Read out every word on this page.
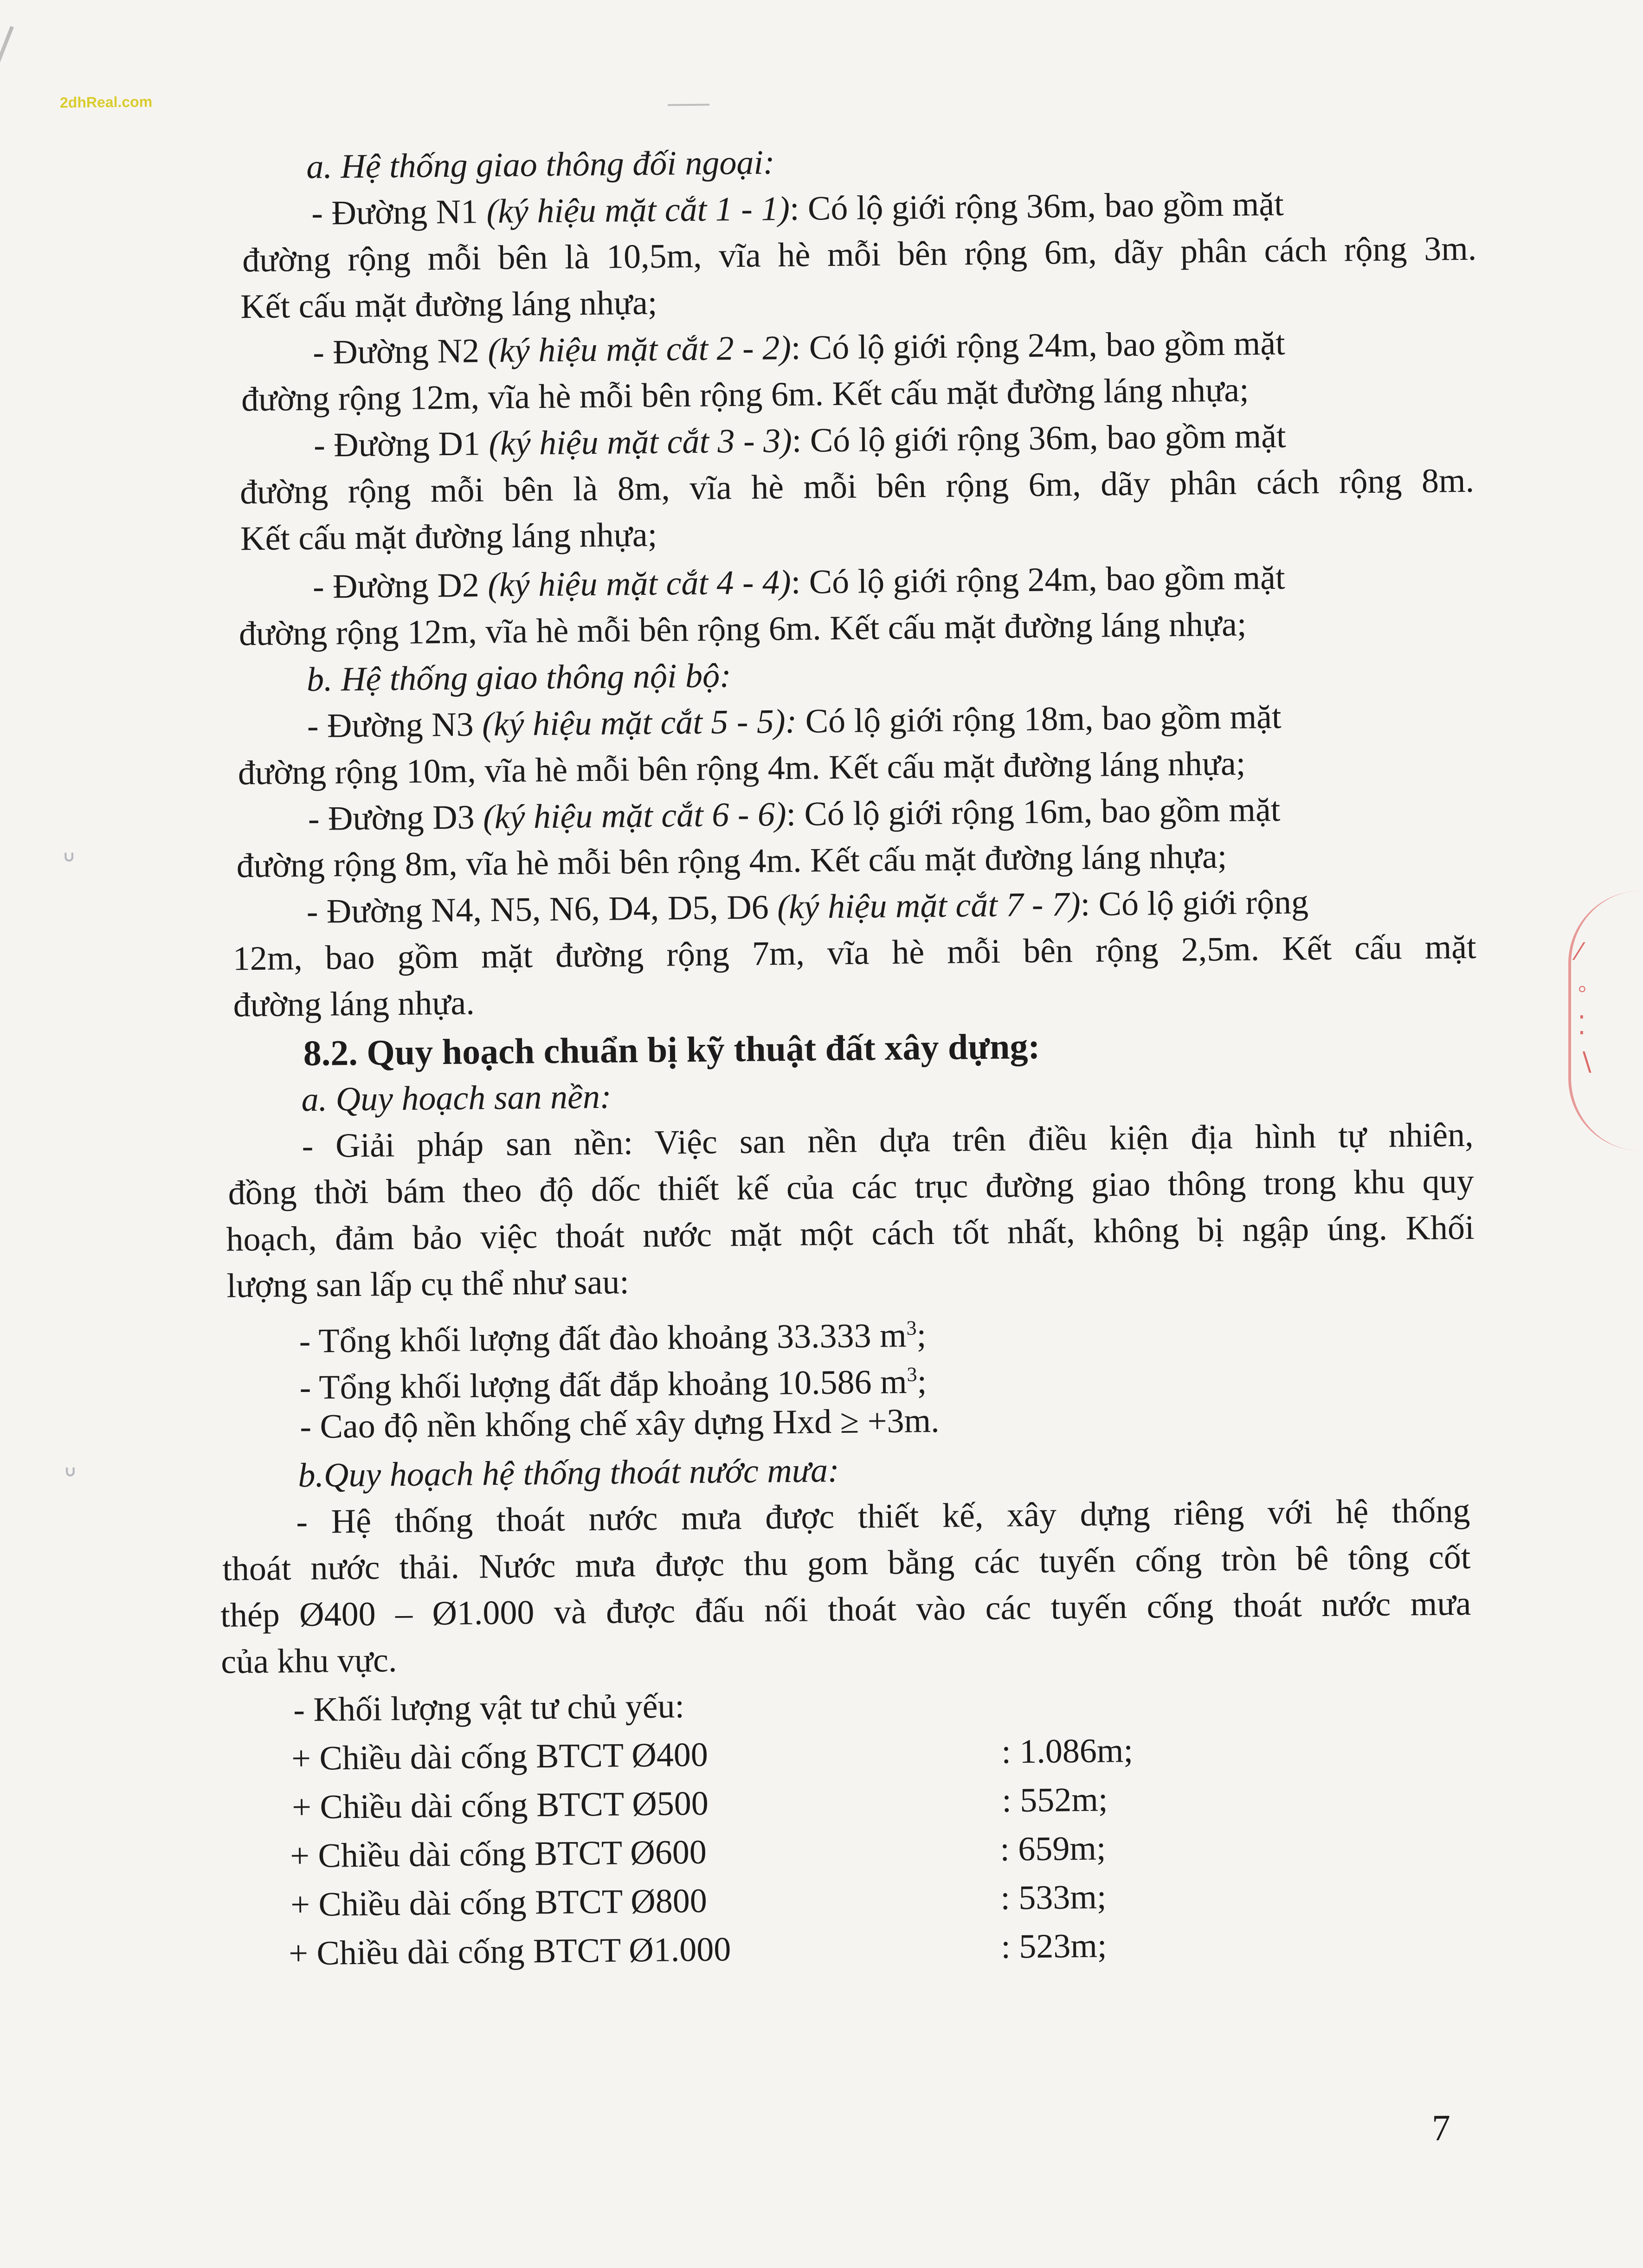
2dhReal.com

a. Hệ thống giao thông đối ngoại:

- Đường N1 (ký hiệu mặt cắt 1 - 1): Có lộ giới rộng 36m, bao gồm mặt

đường rộng mỗi bên là 10,5m, vĩa hè mỗi bên rộng 6m, dãy phân cách rộng 3m.

Kết cấu mặt đường láng nhựa;

- Đường N2 (ký hiệu mặt cắt 2 - 2): Có lộ giới rộng 24m, bao gồm mặt

đường rộng 12m, vĩa hè mỗi bên rộng 6m. Kết cấu mặt đường láng nhựa;

- Đường D1 (ký hiệu mặt cắt 3 - 3): Có lộ giới rộng 36m, bao gồm mặt

đường rộng mỗi bên là 8m, vĩa hè mỗi bên rộng 6m, dãy phân cách rộng 8m.

Kết cấu mặt đường láng nhựa;

- Đường D2 (ký hiệu mặt cắt 4 - 4): Có lộ giới rộng 24m, bao gồm mặt

đường rộng 12m, vĩa hè mỗi bên rộng 6m. Kết cấu mặt đường láng nhựa;

b. Hệ thống giao thông nội bộ:

- Đường N3 (ký hiệu mặt cắt 5 - 5): Có lộ giới rộng 18m, bao gồm mặt

đường rộng 10m, vĩa hè mỗi bên rộng 4m. Kết cấu mặt đường láng nhựa;

- Đường D3 (ký hiệu mặt cắt 6 - 6): Có lộ giới rộng 16m, bao gồm mặt

đường rộng 8m, vĩa hè mỗi bên rộng 4m. Kết cấu mặt đường láng nhựa;

- Đường N4, N5, N6, D4, D5, D6 (ký hiệu mặt cắt 7 - 7): Có lộ giới rộng

12m, bao gồm mặt đường rộng 7m, vĩa hè mỗi bên rộng 2,5m. Kết cấu mặt

đường láng nhựa.

8.2. Quy hoạch chuẩn bị kỹ thuật đất xây dựng:

a. Quy hoạch san nền:

- Giải pháp san nền: Việc san nền dựa trên điều kiện địa hình tự nhiên,

đồng thời bám theo độ dốc thiết kế của các trục đường giao thông trong khu quy

hoạch, đảm bảo việc thoát nước mặt một cách tốt nhất, không bị ngập úng. Khối

lượng san lấp cụ thể như sau:

- Tổng khối lượng đất đào khoảng 33.333 $m^3$;

- Tổng khối lượng đất đắp khoảng 10.586 $m^3$;

- Cao độ nền khống chế xây dựng Hxd ≥ +3m.

b.Quy hoạch hệ thống thoát nước mưa:

- Hệ thống thoát nước mưa được thiết kế, xây dựng riêng với hệ thống

thoát nước thải. Nước mưa được thu gom bằng các tuyến cống tròn bê tông cốt

thép Ø400 – Ø1.000 và được đấu nối thoát vào các tuyến cống thoát nước mưa

của khu vực.

- Khối lượng vật tư chủ yếu:

+ Chiều dài cống BTCT Ø400	: 1.086m;

+ Chiều dài cống BTCT Ø500	: 552m;

+ Chiều dài cống BTCT Ø600	: 659m;

+ Chiều dài cống BTCT Ø800	: 533m;

+ Chiều dài cống BTCT Ø1.000	: 523m;

7
ᐡ
ᐡ
∕
◦
⁚
∖
